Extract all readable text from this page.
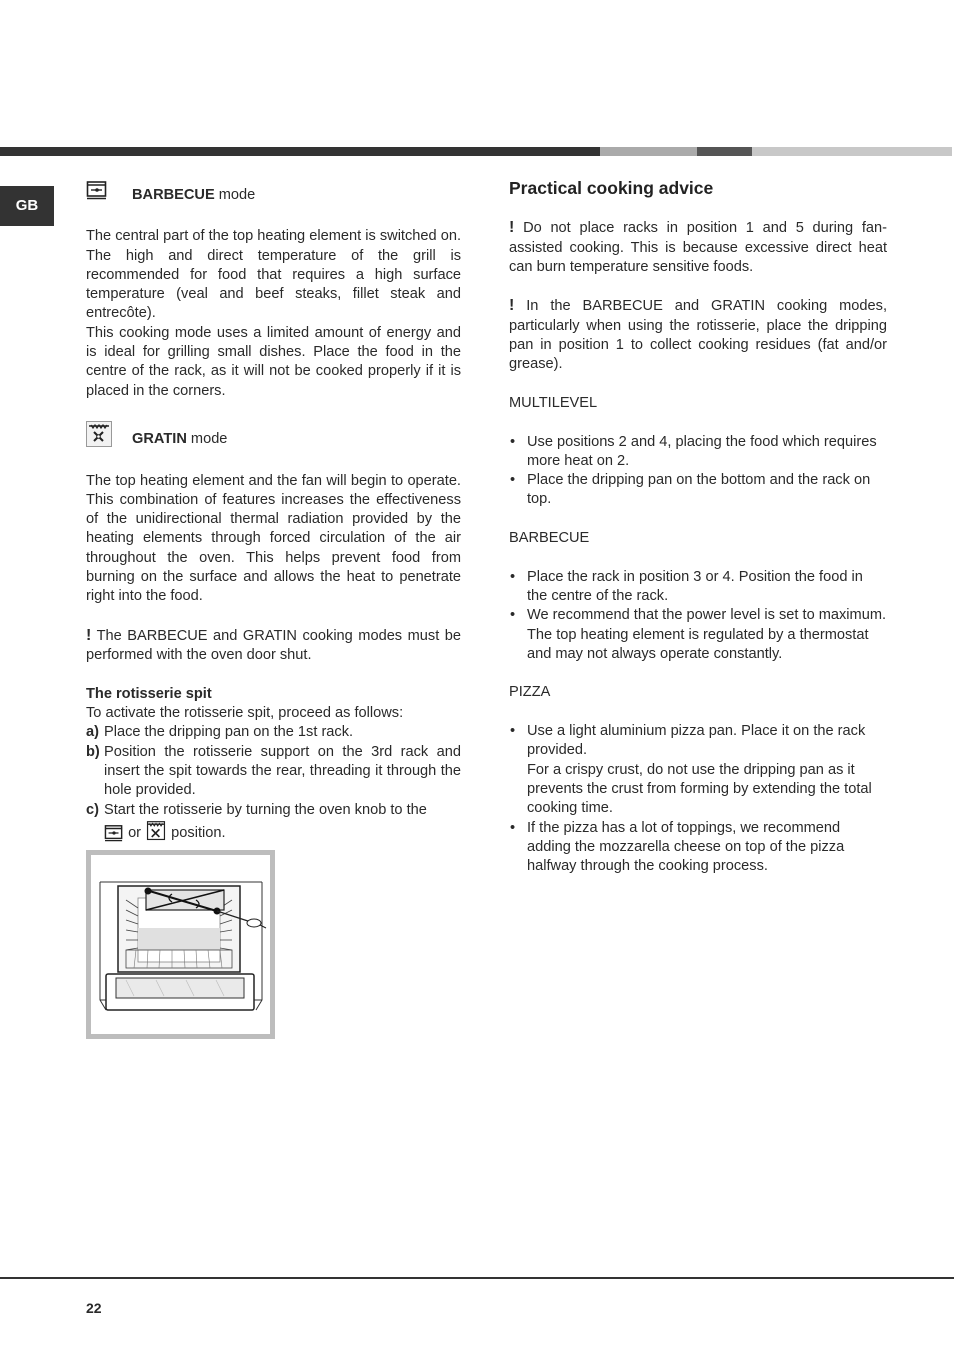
GB
BARBECUE mode

The central part of the top heating element is switched on. The high and direct temperature of the grill is recommended for food that requires a high surface temperature (veal and beef steaks, fillet steak and entrecôte).

This cooking mode uses a limited amount of energy and is ideal for grilling small dishes. Place the food in the centre of the rack, as it will not be cooked properly if it is placed in the corners.

GRATIN mode

The top heating element and the fan will begin to operate. This combination of features increases the effectiveness of the unidirectional thermal radiation provided by the heating elements through forced circulation of the air throughout the oven. This helps prevent food from burning on the surface and allows the heat to penetrate right into the food.

! The BARBECUE and GRATIN cooking modes must be performed with the oven door shut.

The rotisserie spit

To activate the rotisserie spit, proceed as follows:

a) Place the dripping pan on the 1st rack.
b) Position the rotisserie support on the 3rd rack and insert the spit towards the rear, threading it through the hole provided.
c) Start the rotisserie by turning the oven knob to the
or position.

Practical cooking advice

! Do not place racks in position 1 and 5 during fan-assisted cooking. This is because excessive direct heat can burn temperature sensitive foods.

! In the BARBECUE and GRATIN cooking modes, particularly when using the rotisserie, place the dripping pan in position 1 to collect cooking residues (fat and/or grease).

MULTILEVEL

• Use positions 2 and 4, placing the food which requires more heat on 2.
• Place the dripping pan on the bottom and the rack on top.

BARBECUE

• Place the rack in position 3 or 4. Position the food in the centre of the rack.
• We recommend that the power level is set to maximum. The top heating element is regulated by a thermostat and may not always operate constantly.

PIZZA

• Use a light aluminium pizza pan. Place it on the rack provided.
For a crispy crust, do not use the dripping pan as it prevents the crust from forming by extending the total cooking time.
• If the pizza has a lot of toppings, we recommend adding the mozzarella cheese on top of the pizza halfway through the cooking process.
22
